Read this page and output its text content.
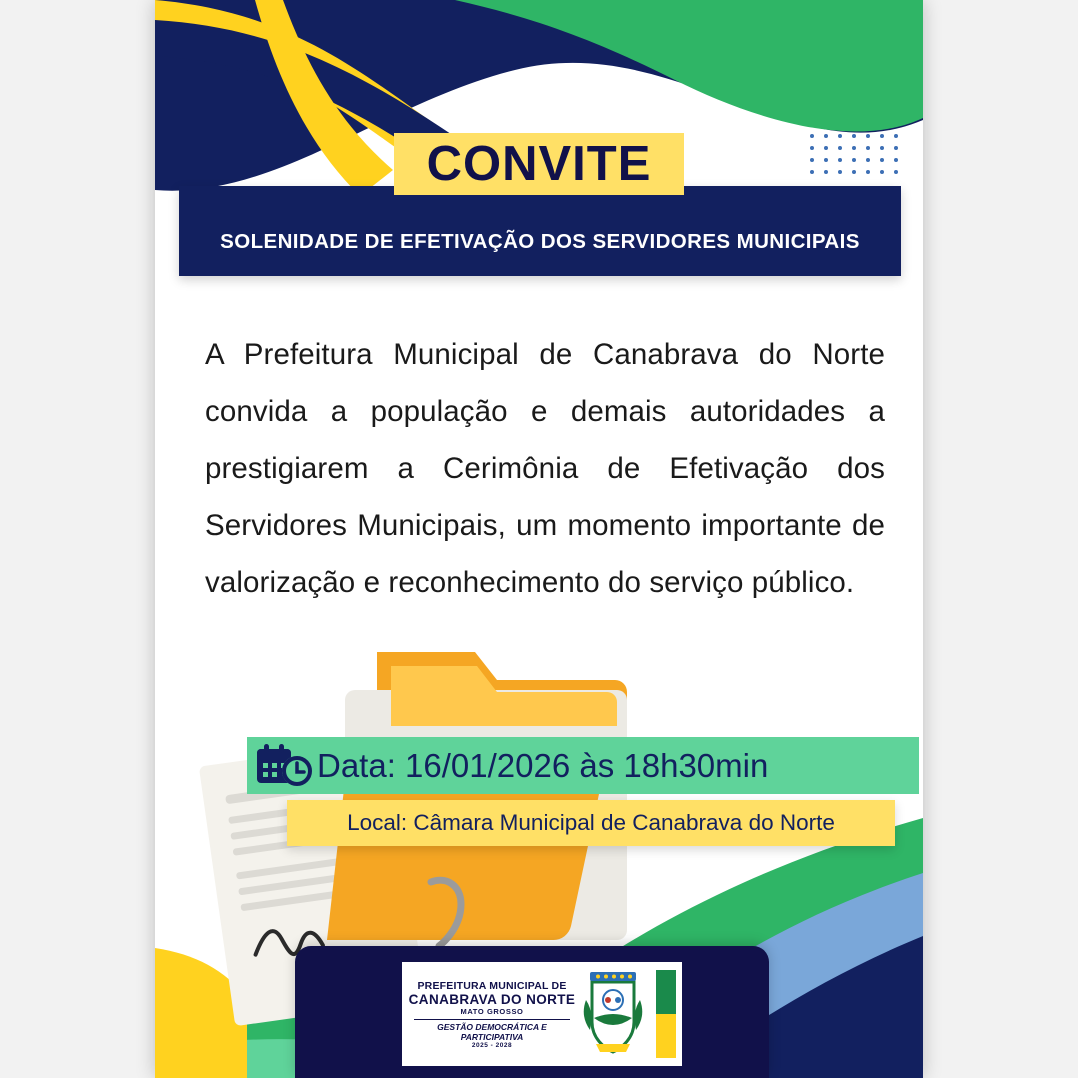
CONVITE
SOLENIDADE DE EFETIVAÇÃO DOS SERVIDORES MUNICIPAIS

A Prefeitura Municipal de Canabrava do Norte convida a população e demais autoridades a prestigiarem a Cerimônia de Efetivação dos Servidores Municipais, um momento importante de valorização e reconhecimento do serviço público.

Data: 16/01/2026 às 18h30min
Local: Câmara Municipal de Canabrava do Norte
PREFEITURA MUNICIPAL DE
CANABRAVA DO NORTE
MATO GROSSO
GESTÃO DEMOCRÁTICA E PARTICIPATIVA
2025 - 2028
